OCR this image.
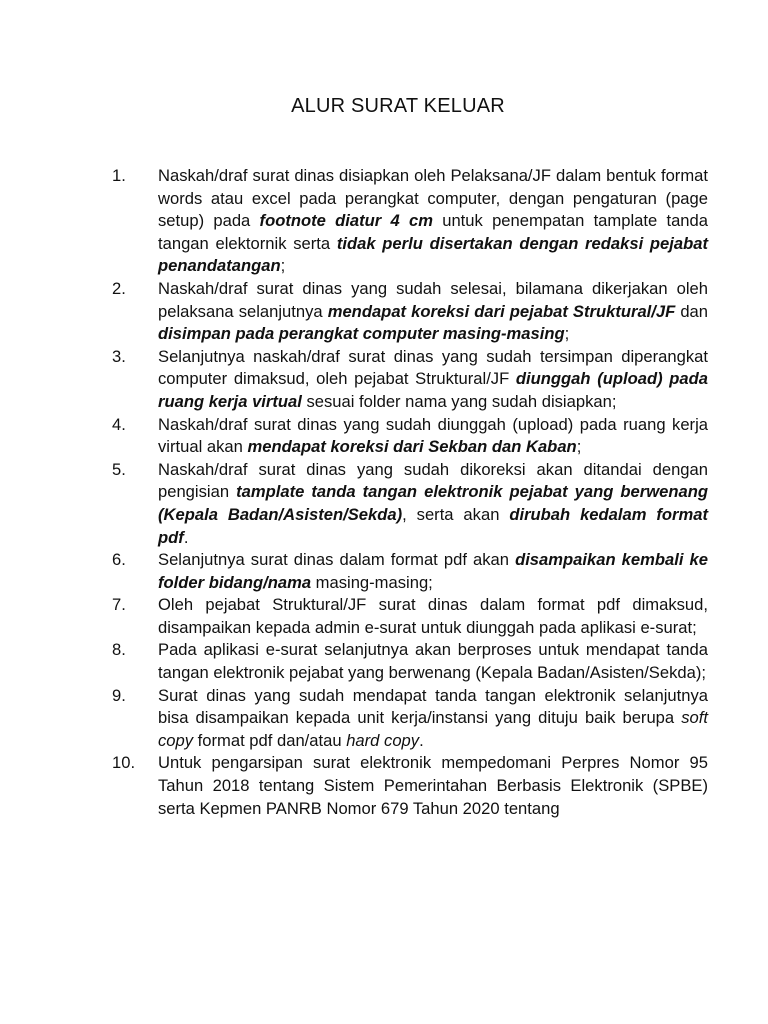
ALUR SURAT KELUAR
1.	Naskah/draf surat dinas disiapkan oleh Pelaksana/JF dalam bentuk format words atau excel pada perangkat computer, dengan pengaturan (page setup) pada footnote diatur 4 cm untuk penempatan tamplate tanda tangan elektornik serta tidak perlu disertakan dengan redaksi pejabat penandatangan;
2.	Naskah/draf surat dinas yang sudah selesai, bilamana dikerjakan oleh pelaksana selanjutnya mendapat koreksi dari pejabat Struktural/JF dan disimpan pada perangkat computer masing-masing;
3.	Selanjutnya naskah/draf surat dinas yang sudah tersimpan diperangkat computer dimaksud, oleh pejabat Struktural/JF diunggah (upload) pada ruang kerja virtual sesuai folder nama yang sudah disiapkan;
4.	Naskah/draf surat dinas yang sudah diunggah (upload) pada ruang kerja virtual akan mendapat koreksi dari Sekban dan Kaban;
5.	Naskah/draf surat dinas yang sudah dikoreksi akan ditandai dengan pengisian tamplate tanda tangan elektronik pejabat yang berwenang (Kepala Badan/Asisten/Sekda), serta akan dirubah kedalam format pdf.
6.	Selanjutnya surat dinas dalam format pdf akan disampaikan kembali ke folder bidang/nama masing-masing;
7.	Oleh pejabat Struktural/JF surat dinas dalam format pdf dimaksud, disampaikan kepada admin e-surat untuk diunggah pada aplikasi e-surat;
8.	Pada aplikasi e-surat selanjutnya akan berproses untuk mendapat tanda tangan elektronik pejabat yang berwenang (Kepala Badan/Asisten/Sekda);
9.	Surat dinas yang sudah mendapat tanda tangan elektronik selanjutnya bisa disampaikan kepada unit kerja/instansi yang dituju baik berupa soft copy format pdf dan/atau hard copy.
10.	Untuk pengarsipan surat elektronik mempedomani Perpres Nomor 95 Tahun 2018 tentang Sistem Pemerintahan Berbasis Elektronik (SPBE) serta Kepmen PANRB Nomor 679 Tahun 2020 tentang
